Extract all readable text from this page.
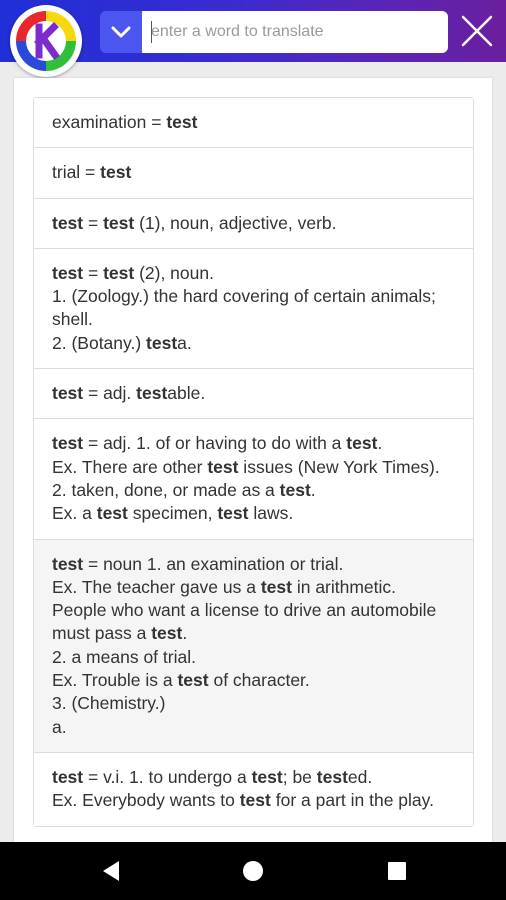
enter a word to translate
examination = test
trial = test
test = test (1), noun, adjective, verb.
test = test (2), noun.
1. (Zoology.) the hard covering of certain animals; shell.
2. (Botany.) testa.
test = adj. testable.
test = adj. 1. of or having to do with a test.
Ex. There are other test issues (New York Times).
2. taken, done, or made as a test.
Ex. a test specimen, test laws.
test = noun 1. an examination or trial.
Ex. The teacher gave us a test in arithmetic. People who want a license to drive an automobile must pass a test.
2. a means of trial.
Ex. Trouble is a test of character.
3. (Chemistry.)
a.
test = v.i. 1. to undergo a test; be tested.
Ex. Everybody wants to test for a part in the play.
